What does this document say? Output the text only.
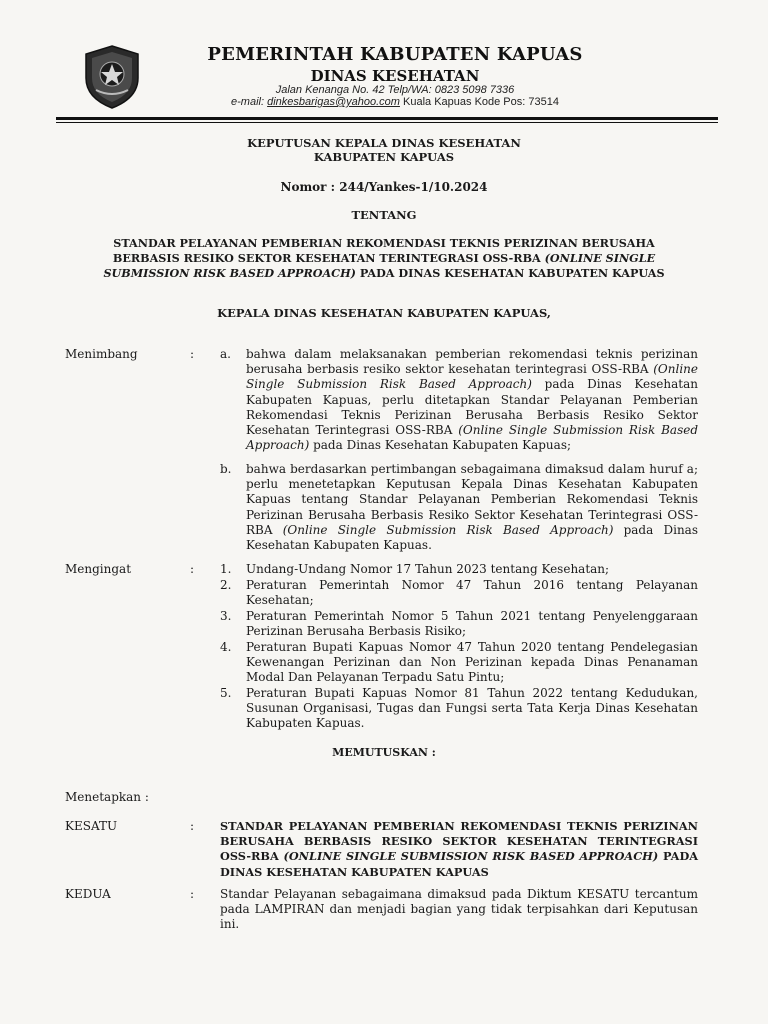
PEMERINTAH KABUPATEN KAPUAS
DINAS KESEHATAN
Jalan Kenanga No. 42 Telp/WA: 0823 5098 7336
e-mail: dinkesbarigas@yahoo.com Kuala Kapuas Kode Pos: 73514
KEPUTUSAN KEPALA DINAS KESEHATAN
KABUPATEN KAPUAS
Nomor : 244/Yankes-1/10.2024
TENTANG
STANDAR PELAYANAN PEMBERIAN REKOMENDASI TEKNIS PERIZINAN BERUSAHA
BERBASIS RESIKO SEKTOR KESEHATAN TERINTEGRASI OSS-RBA (ONLINE SINGLE
SUBMISSION RISK BASED APPROACH) PADA DINAS KESEHATAN KABUPATEN KAPUAS
KEPALA DINAS KESEHATAN KABUPATEN KAPUAS,
Menimbang	: a. bahwa dalam melaksanakan pemberian rekomendasi teknis perizinan berusaha berbasis resiko sektor kesehatan terintegrasi OSS-RBA (Online Single Submission Risk Based Approach) pada Dinas Kesehatan Kabupaten Kapuas, perlu ditetapkan Standar Pelayanan Pemberian Rekomendasi Teknis Perizinan Berusaha Berbasis Resiko Sektor Kesehatan Terintegrasi OSS-RBA (Online Single Submission Risk Based Approach) pada Dinas Kesehatan Kabupaten Kapuas;
b. bahwa berdasarkan pertimbangan sebagaimana dimaksud dalam huruf a; perlu menetetapkan Keputusan Kepala Dinas Kesehatan Kabupaten Kapuas tentang Standar Pelayanan Pemberian Rekomendasi Teknis Perizinan Berusaha Berbasis Resiko Sektor Kesehatan Terintegrasi OSS-RBA (Online Single Submission Risk Based Approach) pada Dinas Kesehatan Kabupaten Kapuas.
Mengingat	: 1. Undang-Undang Nomor 17 Tahun 2023 tentang Kesehatan;
2. Peraturan Pemerintah Nomor 47 Tahun 2016 tentang Pelayanan Kesehatan;
3. Peraturan Pemerintah Nomor 5 Tahun 2021 tentang Penyelenggaraan Perizinan Berusaha Berbasis Risiko;
4. Peraturan Bupati Kapuas Nomor 47 Tahun 2020 tentang Pendelegasian Kewenangan Perizinan dan Non Perizinan kepada Dinas Penanaman Modal Dan Pelayanan Terpadu Satu Pintu;
5. Peraturan Bupati Kapuas Nomor 81 Tahun 2022 tentang Kedudukan, Susunan Organisasi, Tugas dan Fungsi serta Tata Kerja Dinas Kesehatan Kabupaten Kapuas.
MEMUTUSKAN :
Menetapkan :
KESATU	: STANDAR PELAYANAN PEMBERIAN REKOMENDASI TEKNIS PERIZINAN BERUSAHA BERBASIS RESIKO SEKTOR KESEHATAN TERINTEGRASI OSS-RBA (ONLINE SINGLE SUBMISSION RISK BASED APPROACH) PADA DINAS KESEHATAN KABUPATEN KAPUAS
KEDUA	: Standar Pelayanan sebagaimana dimaksud pada Diktum KESATU tercantum pada LAMPIRAN dan menjadi bagian yang tidak terpisahkan dari Keputusan ini.
